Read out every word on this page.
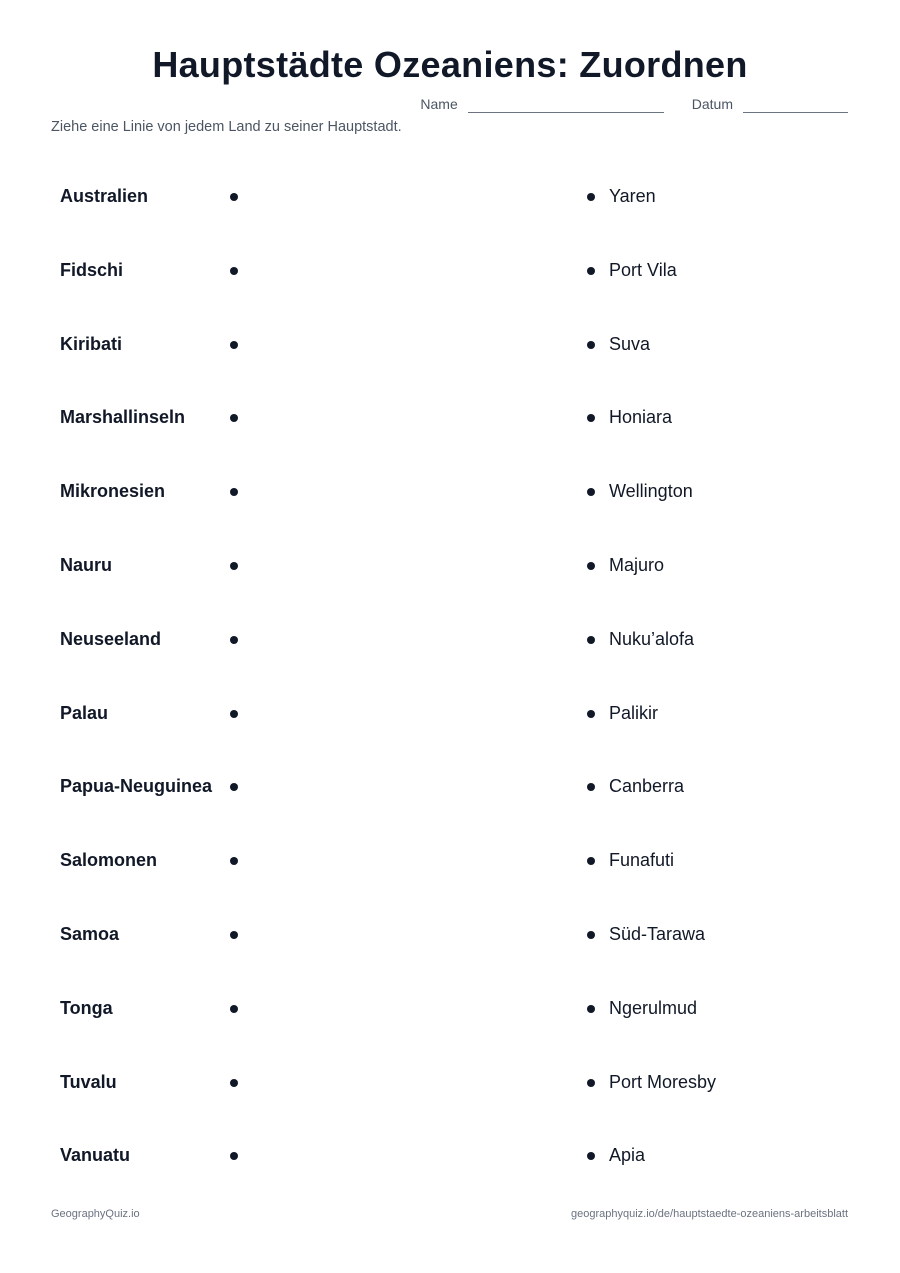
Hauptstädte Ozeaniens: Zuordnen
Name	Datum
Ziehe eine Linie von jedem Land zu seiner Hauptstadt.
Australien	Yaren
Fidschi	Port Vila
Kiribati	Suva
Marshallinseln	Honiara
Mikronesien	Wellington
Nauru	Majuro
Neuseeland	Nuku’alofa
Palau	Palikir
Papua-Neuguinea	Canberra
Salomonen	Funafuti
Samoa	Süd-Tarawa
Tonga	Ngerulmud
Tuvalu	Port Moresby
Vanuatu	Apia
GeographyQuiz.io	geographyquiz.io/de/hauptstaedte-ozeaniens-arbeitsblatt
